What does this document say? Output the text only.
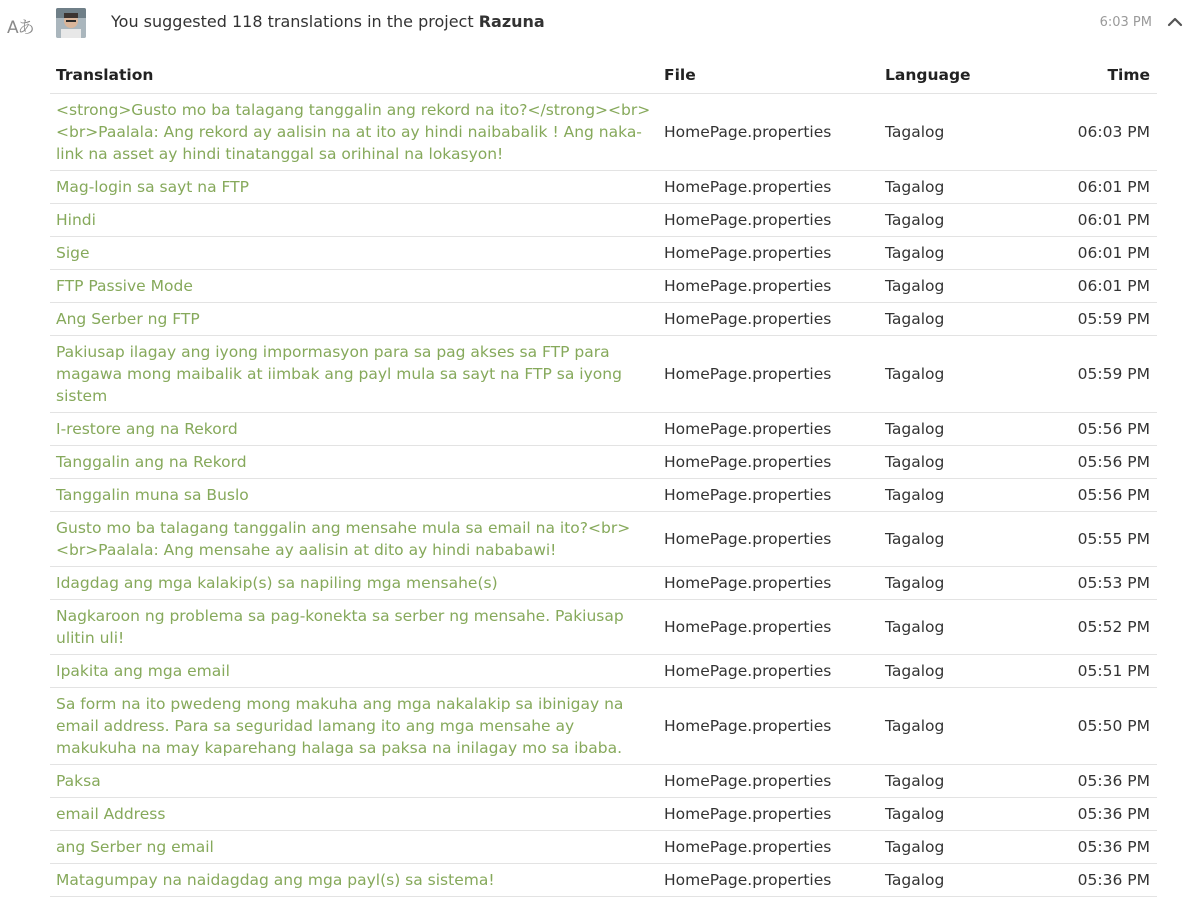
Aあ	You suggested 118 translations in the project Razuna	6:03 PM
Translation	File	Language	Time
<strong>Gusto mo ba talagang tanggalin ang rekord na ito?</strong><br><br>Paalala: Ang rekord ay aalisin na at ito ay hindi naibabalik ! Ang naka-link na asset ay hindi tinatanggal sa orihinal na lokasyon!	HomePage.properties	Tagalog	06:03 PM
Mag-login sa sayt na FTP	HomePage.properties	Tagalog	06:01 PM
Hindi	HomePage.properties	Tagalog	06:01 PM
Sige	HomePage.properties	Tagalog	06:01 PM
FTP Passive Mode	HomePage.properties	Tagalog	06:01 PM
Ang Serber ng FTP	HomePage.properties	Tagalog	05:59 PM
Pakiusap ilagay ang iyong impormasyon para sa pag akses sa FTP para magawa mong maibalik at iimbak ang payl mula sa sayt na FTP sa iyong sistem	HomePage.properties	Tagalog	05:59 PM
I-restore ang na Rekord	HomePage.properties	Tagalog	05:56 PM
Tanggalin ang na Rekord	HomePage.properties	Tagalog	05:56 PM
Tanggalin muna sa Buslo	HomePage.properties	Tagalog	05:56 PM
Gusto mo ba talagang tanggalin ang mensahe mula sa email na ito?<br><br>Paalala: Ang mensahe ay aalisin at dito ay hindi nababawi!	HomePage.properties	Tagalog	05:55 PM
Idagdag ang mga kalakip(s) sa napiling mga mensahe(s)	HomePage.properties	Tagalog	05:53 PM
Nagkaroon ng problema sa pag-konekta sa serber ng mensahe. Pakiusap ulitin uli!	HomePage.properties	Tagalog	05:52 PM
Ipakita ang mga email	HomePage.properties	Tagalog	05:51 PM
Sa form na ito pwedeng mong makuha ang mga nakalakip sa ibinigay na email address. Para sa seguridad lamang ito ang mga mensahe ay makukuha na may kaparehang halaga sa paksa na inilagay mo sa ibaba.	HomePage.properties	Tagalog	05:50 PM
Paksa	HomePage.properties	Tagalog	05:36 PM
email Address	HomePage.properties	Tagalog	05:36 PM
ang Serber ng email	HomePage.properties	Tagalog	05:36 PM
Matagumpay na naidagdag ang mga payl(s) sa sistema!	HomePage.properties	Tagalog	05:36 PM
